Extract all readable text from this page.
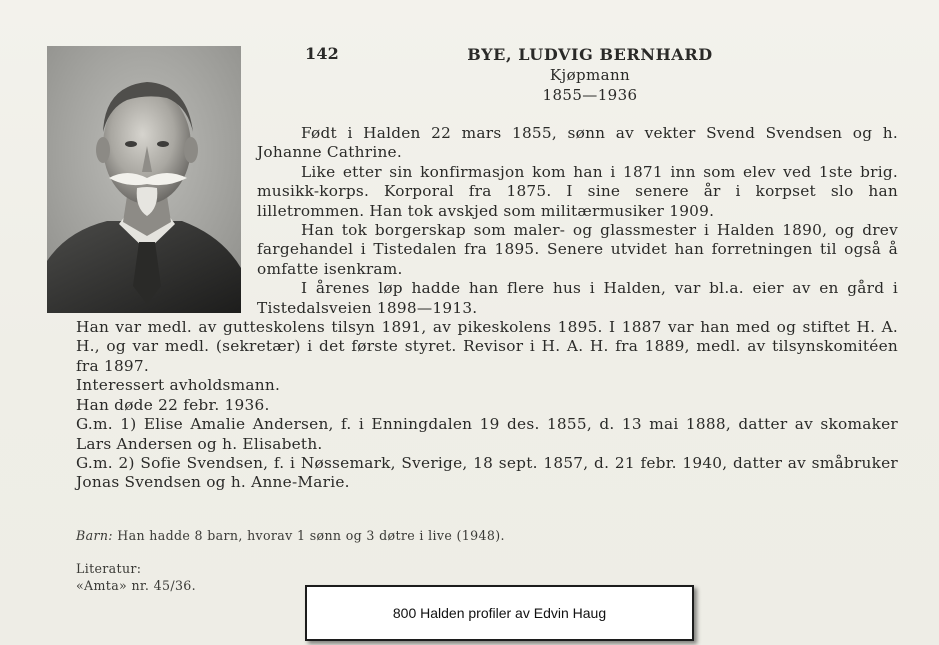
142	BYE, LUDVIG BERNHARD
Kjøpmann
1855—1936

Født i Halden 22 mars 1855, sønn av vekter Svend Svendsen og h. Johanne Cathrine.

Like etter sin konfirmasjon kom han i 1871 inn som elev ved 1ste brig. musikk-korps. Korporal fra 1875. I sine senere år i korpset slo han lilletrommen. Han tok avskjed som militærmusiker 1909.

Han tok borgerskap som maler- og glassmester i Halden 1890, og drev fargehandel i Tistedalen fra 1895. Senere utvidet han forretningen til også å omfatte isenkram.

I årenes løp hadde han flere hus i Halden, var bl.a. eier av en gård i Tistedalsveien 1898—1913.

Han var medl. av gutteskolens tilsyn 1891, av pikeskolens 1895. I 1887 var han med og stiftet H. A. H., og var medl. (sekretær) i det første styret. Revisor i H. A. H. fra 1889, medl. av tilsynskomitéen fra 1897.

Interessert avholdsmann.

Han døde 22 febr. 1936.

G.m. 1) Elise Amalie Andersen, f. i Enningdalen 19 des. 1855, d. 13 mai 1888, datter av skomaker Lars Andersen og h. Elisabeth.

G.m. 2) Sofie Svendsen, f. i Nøssemark, Sverige, 18 sept. 1857, d. 21 febr. 1940, datter av småbruker Jonas Svendsen og h. Anne-Marie.

Barn: Han hadde 8 barn, hvorav 1 sønn og 3 døtre i live (1948).
Literatur:
«Amta» nr. 45/36.
800 Halden profiler av Edvin Haug
